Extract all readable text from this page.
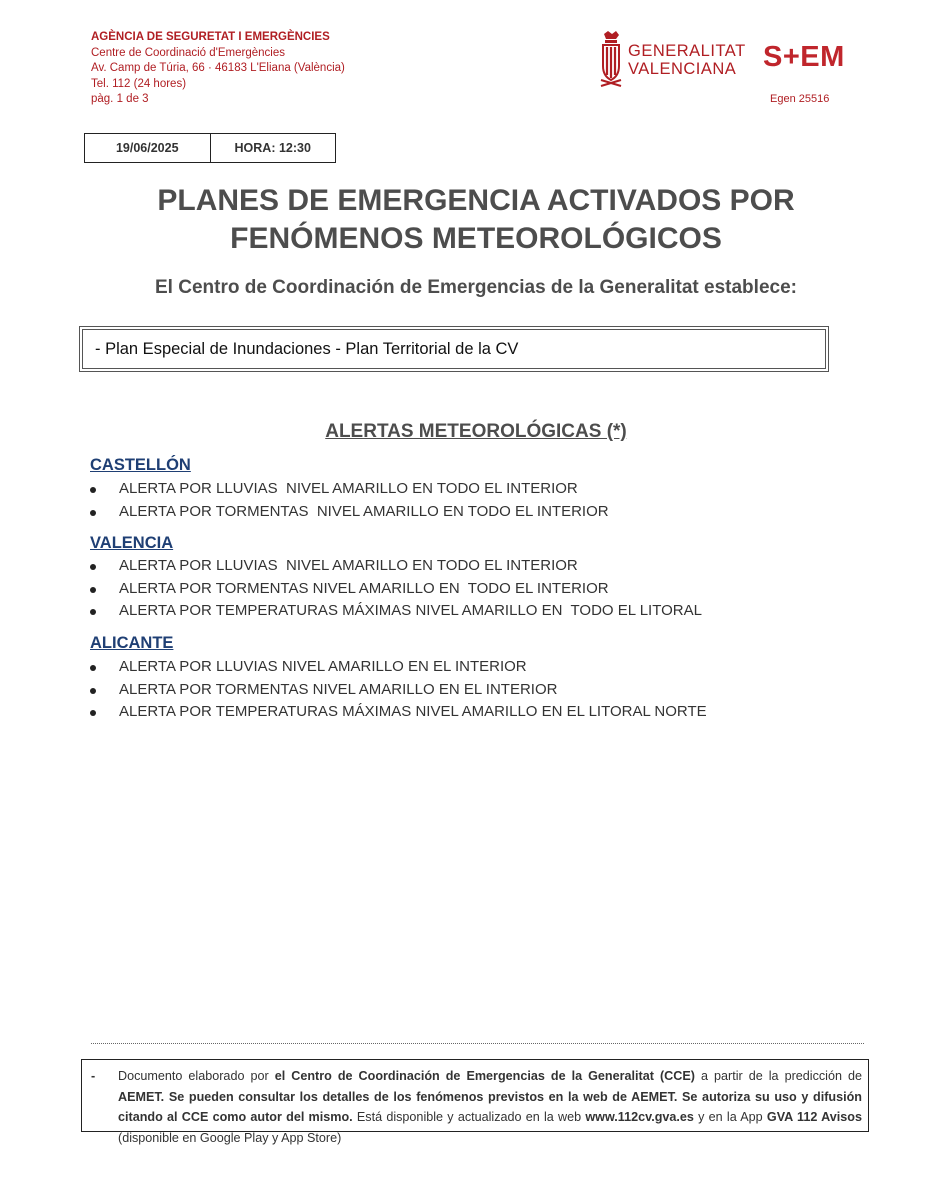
AGÈNCIA DE SEGURETAT I EMERGÈNCIES
Centre de Coordinació d'Emergències
Av. Camp de Túria, 66 · 46183 L'Eliana (València)
Tel. 112 (24 hores)
pàg. 1 de 3
GENERALITAT
VALENCIANA S+EM
Egen 25516
19/06/2025	HORA: 12:30
PLANES DE EMERGENCIA ACTIVADOS POR
FENÓMENOS METEOROLÓGICOS
El Centro de Coordinación de Emergencias de la Generalitat establece:
- Plan Especial de Inundaciones - Plan Territorial de la CV
ALERTAS METEOROLÓGICAS (*)
CASTELLÓN
ALERTA POR LLUVIAS  NIVEL AMARILLO EN TODO EL INTERIOR
ALERTA POR TORMENTAS  NIVEL AMARILLO EN TODO EL INTERIOR
VALENCIA
ALERTA POR LLUVIAS  NIVEL AMARILLO EN TODO EL INTERIOR
ALERTA POR TORMENTAS NIVEL AMARILLO EN  TODO EL INTERIOR
ALERTA POR TEMPERATURAS MÁXIMAS NIVEL AMARILLO EN  TODO EL LITORAL
ALICANTE
ALERTA POR LLUVIAS NIVEL AMARILLO EN EL INTERIOR
ALERTA POR TORMENTAS NIVEL AMARILLO EN EL INTERIOR
ALERTA POR TEMPERATURAS MÁXIMAS NIVEL AMARILLO EN EL LITORAL NORTE
- Documento elaborado por el Centro de Coordinación de Emergencias de la Generalitat (CCE) a partir de la predicción de AEMET. Se pueden consultar los detalles de los fenómenos previstos en la web de AEMET. Se autoriza su uso y difusión citando al CCE como autor del mismo. Está disponible y actualizado en la web www.112cv.gva.es y en la App GVA 112 Avisos (disponible en Google Play y App Store)
